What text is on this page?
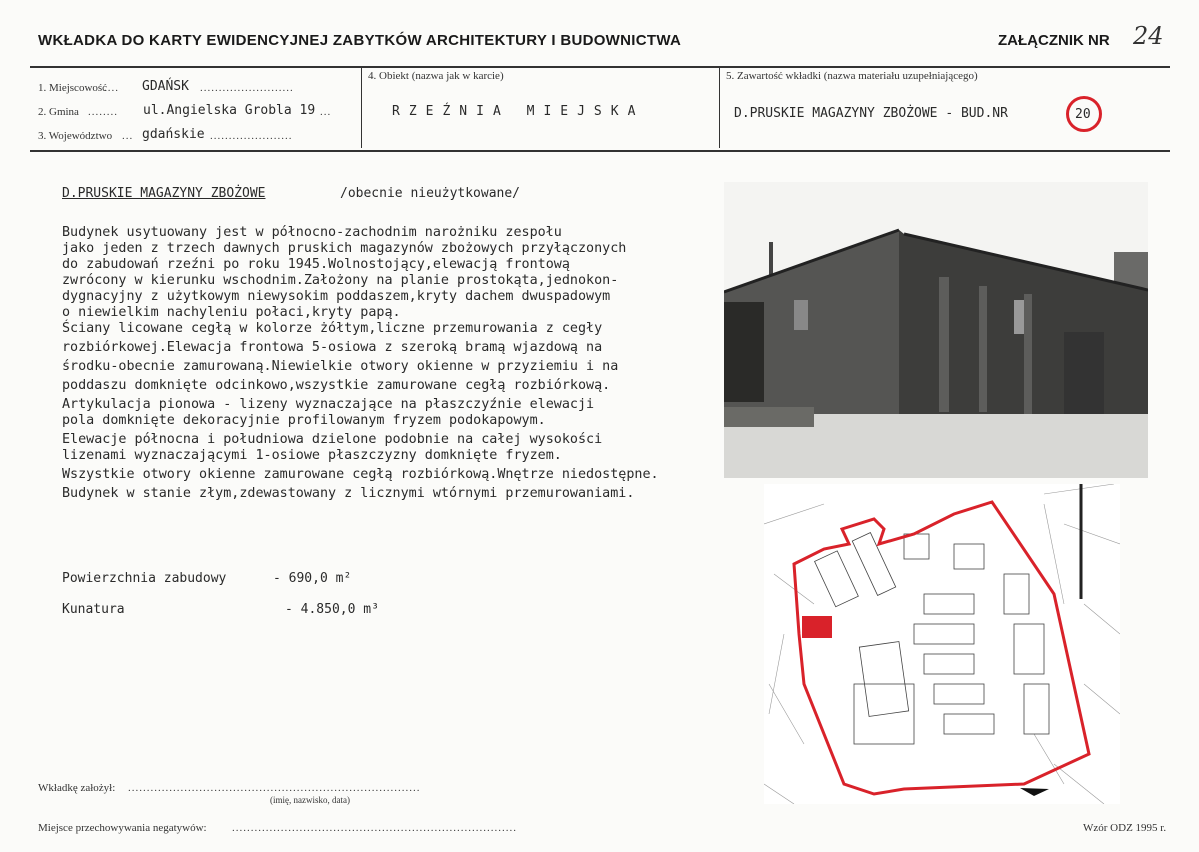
WKŁADKA DO KARTY EWIDENCYJNEJ ZABYTKÓW ARCHITEKTURY I BUDOWNICTWA	ZAŁĄCZNIK NR 24
1. Miejscowość
.... GDAŃSK .........................
2. Gmina ........ ul.Angielska Grobla 19 ...
3. Województwo ... gdańskie ......................
4. Obiekt (nazwa jak w karcie)
RZEŹNIA MIEJSKA
5. Zawartość wkładki (nazwa materiału uzupełniającego)
D.PRUSKIE MAGAZYNY ZBOŻOWE - BUD.NR	20
D.PRUSKIE MAGAZYNY ZBOŻOWE	/obecnie nieużytkowane/

Budynek usytuowany jest w północno-zachodnim narożniku zespołu

jako jeden z trzech dawnych pruskich magazynów zbożowych przyłączonych

do zabudowań rzeźni po roku 1945.Wolnostojący,elewacją frontową

zwrócony w kierunku wschodnim.Założony na planie prostokąta,jednokon-

dygnacyjny z użytkowym niewysokim poddaszem,kryty dachem dwuspadowym

o niewielkim nachyleniu połaci,kryty papą.

Ściany licowane cegłą w kolorze żółtym,liczne przemurowania z cegły

rozbiórkowej.Elewacja frontowa 5-osiowa z szeroką bramą wjazdową na

środku-obecnie zamurowaną.Niewielkie otwory okienne w przyziemiu i na

poddaszu domknięte odcinkowo,wszystkie zamurowane cegłą rozbiórkową.

Artykulacja pionowa - lizeny wyznaczające na płaszczyźnie elewacji

pola domknięte dekoracyjnie profilowanym fryzem podokapowym.

Elewacje północna i południowa dzielone podobnie na całej wysokości

lizenami wyznaczającymi 1-osiowe płaszczyzny domknięte fryzem.

Wszystkie otwory okienne zamurowane cegłą rozbiórkową.Wnętrze niedostępne.

Budynek w stanie złym,zdewastowany z licznymi wtórnymi przemurowaniami.

Powierzchnia zabudowy	- 690,0 m²
Kunatura	- 4.850,0 m³
Wkładkę założył: ..............................................................................
(imię, nazwisko, data)
Miejsce przechowywania negatywów: ............................................................................	Wzór ODZ 1995 r.
